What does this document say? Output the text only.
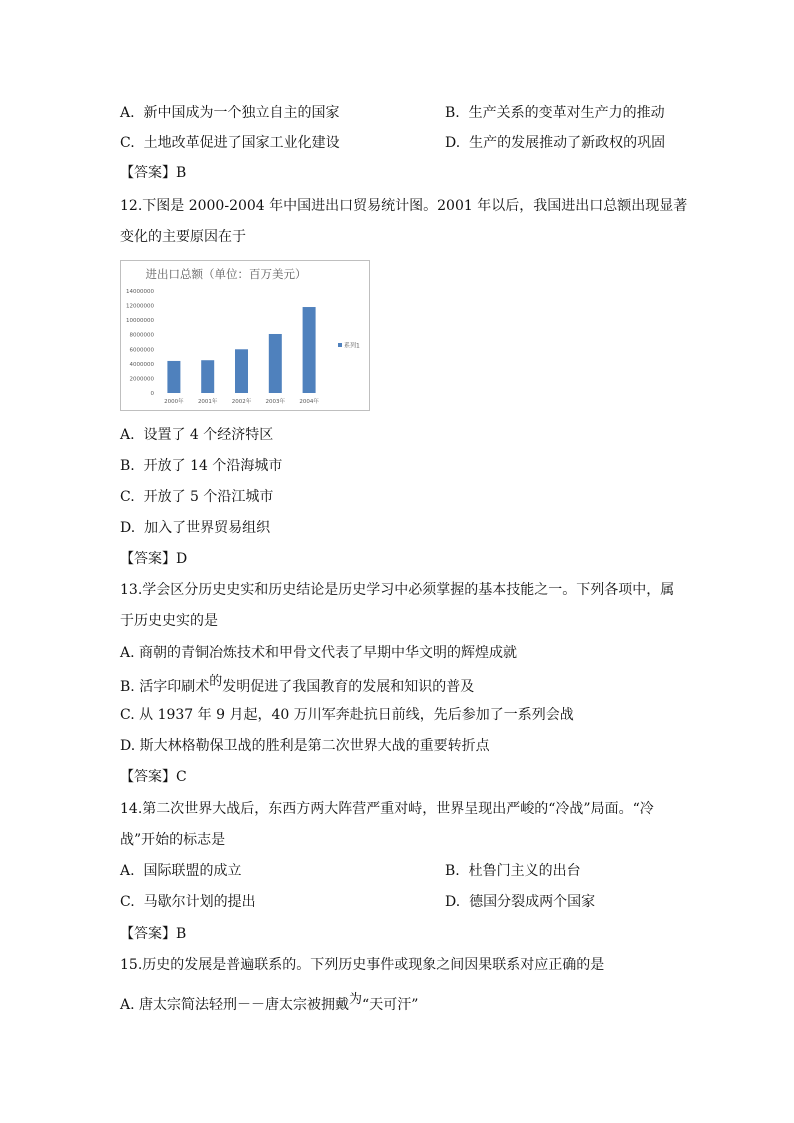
A. 新中国成为一个独立自主的国家	B. 生产关系的变革对生产力的推动
C. 土地改革促进了国家工业化建设	D. 生产的发展推动了新政权的巩固
【答案】B
12.下图是 2000-2004 年中国进出口贸易统计图。2001 年以后，我国进出口总额出现显著
变化的主要原因在于
进出口总额（单位：百万美元）
0
2000000
4000000
6000000
8000000
10000000
12000000
14000000
2000年	2001年	2002年	2003年	2004年
系列1
A. 设置了 4 个经济特区
B. 开放了 14 个沿海城市
C. 开放了 5 个沿江城市
D. 加入了世界贸易组织
【答案】D
13.学会区分历史史实和历史结论是历史学习中必须掌握的基本技能之一。下列各项中，属
于历史史实的是
A. 商朝的青铜冶炼技术和甲骨文代表了早期中华文明的辉煌成就
B. 活字印刷术的发明促进了我国教育的发展和知识的普及
C. 从 1937 年 9 月起，40 万川军奔赴抗日前线，先后参加了一系列会战
D. 斯大林格勒保卫战的胜利是第二次世界大战的重要转折点
【答案】C
14.第二次世界大战后，东西方两大阵营严重对峙，世界呈现出严峻的“冷战”局面。“冷
战”开始的标志是
A. 国际联盟的成立	B. 杜鲁门主义的出台
C. 马歇尔计划的提出	D. 德国分裂成两个国家
【答案】B
15.历史的发展是普遍联系的。下列历史事件或现象之间因果联系对应正确的是
A. 唐太宗简法轻刑－－唐太宗被拥戴为“天可汗”
